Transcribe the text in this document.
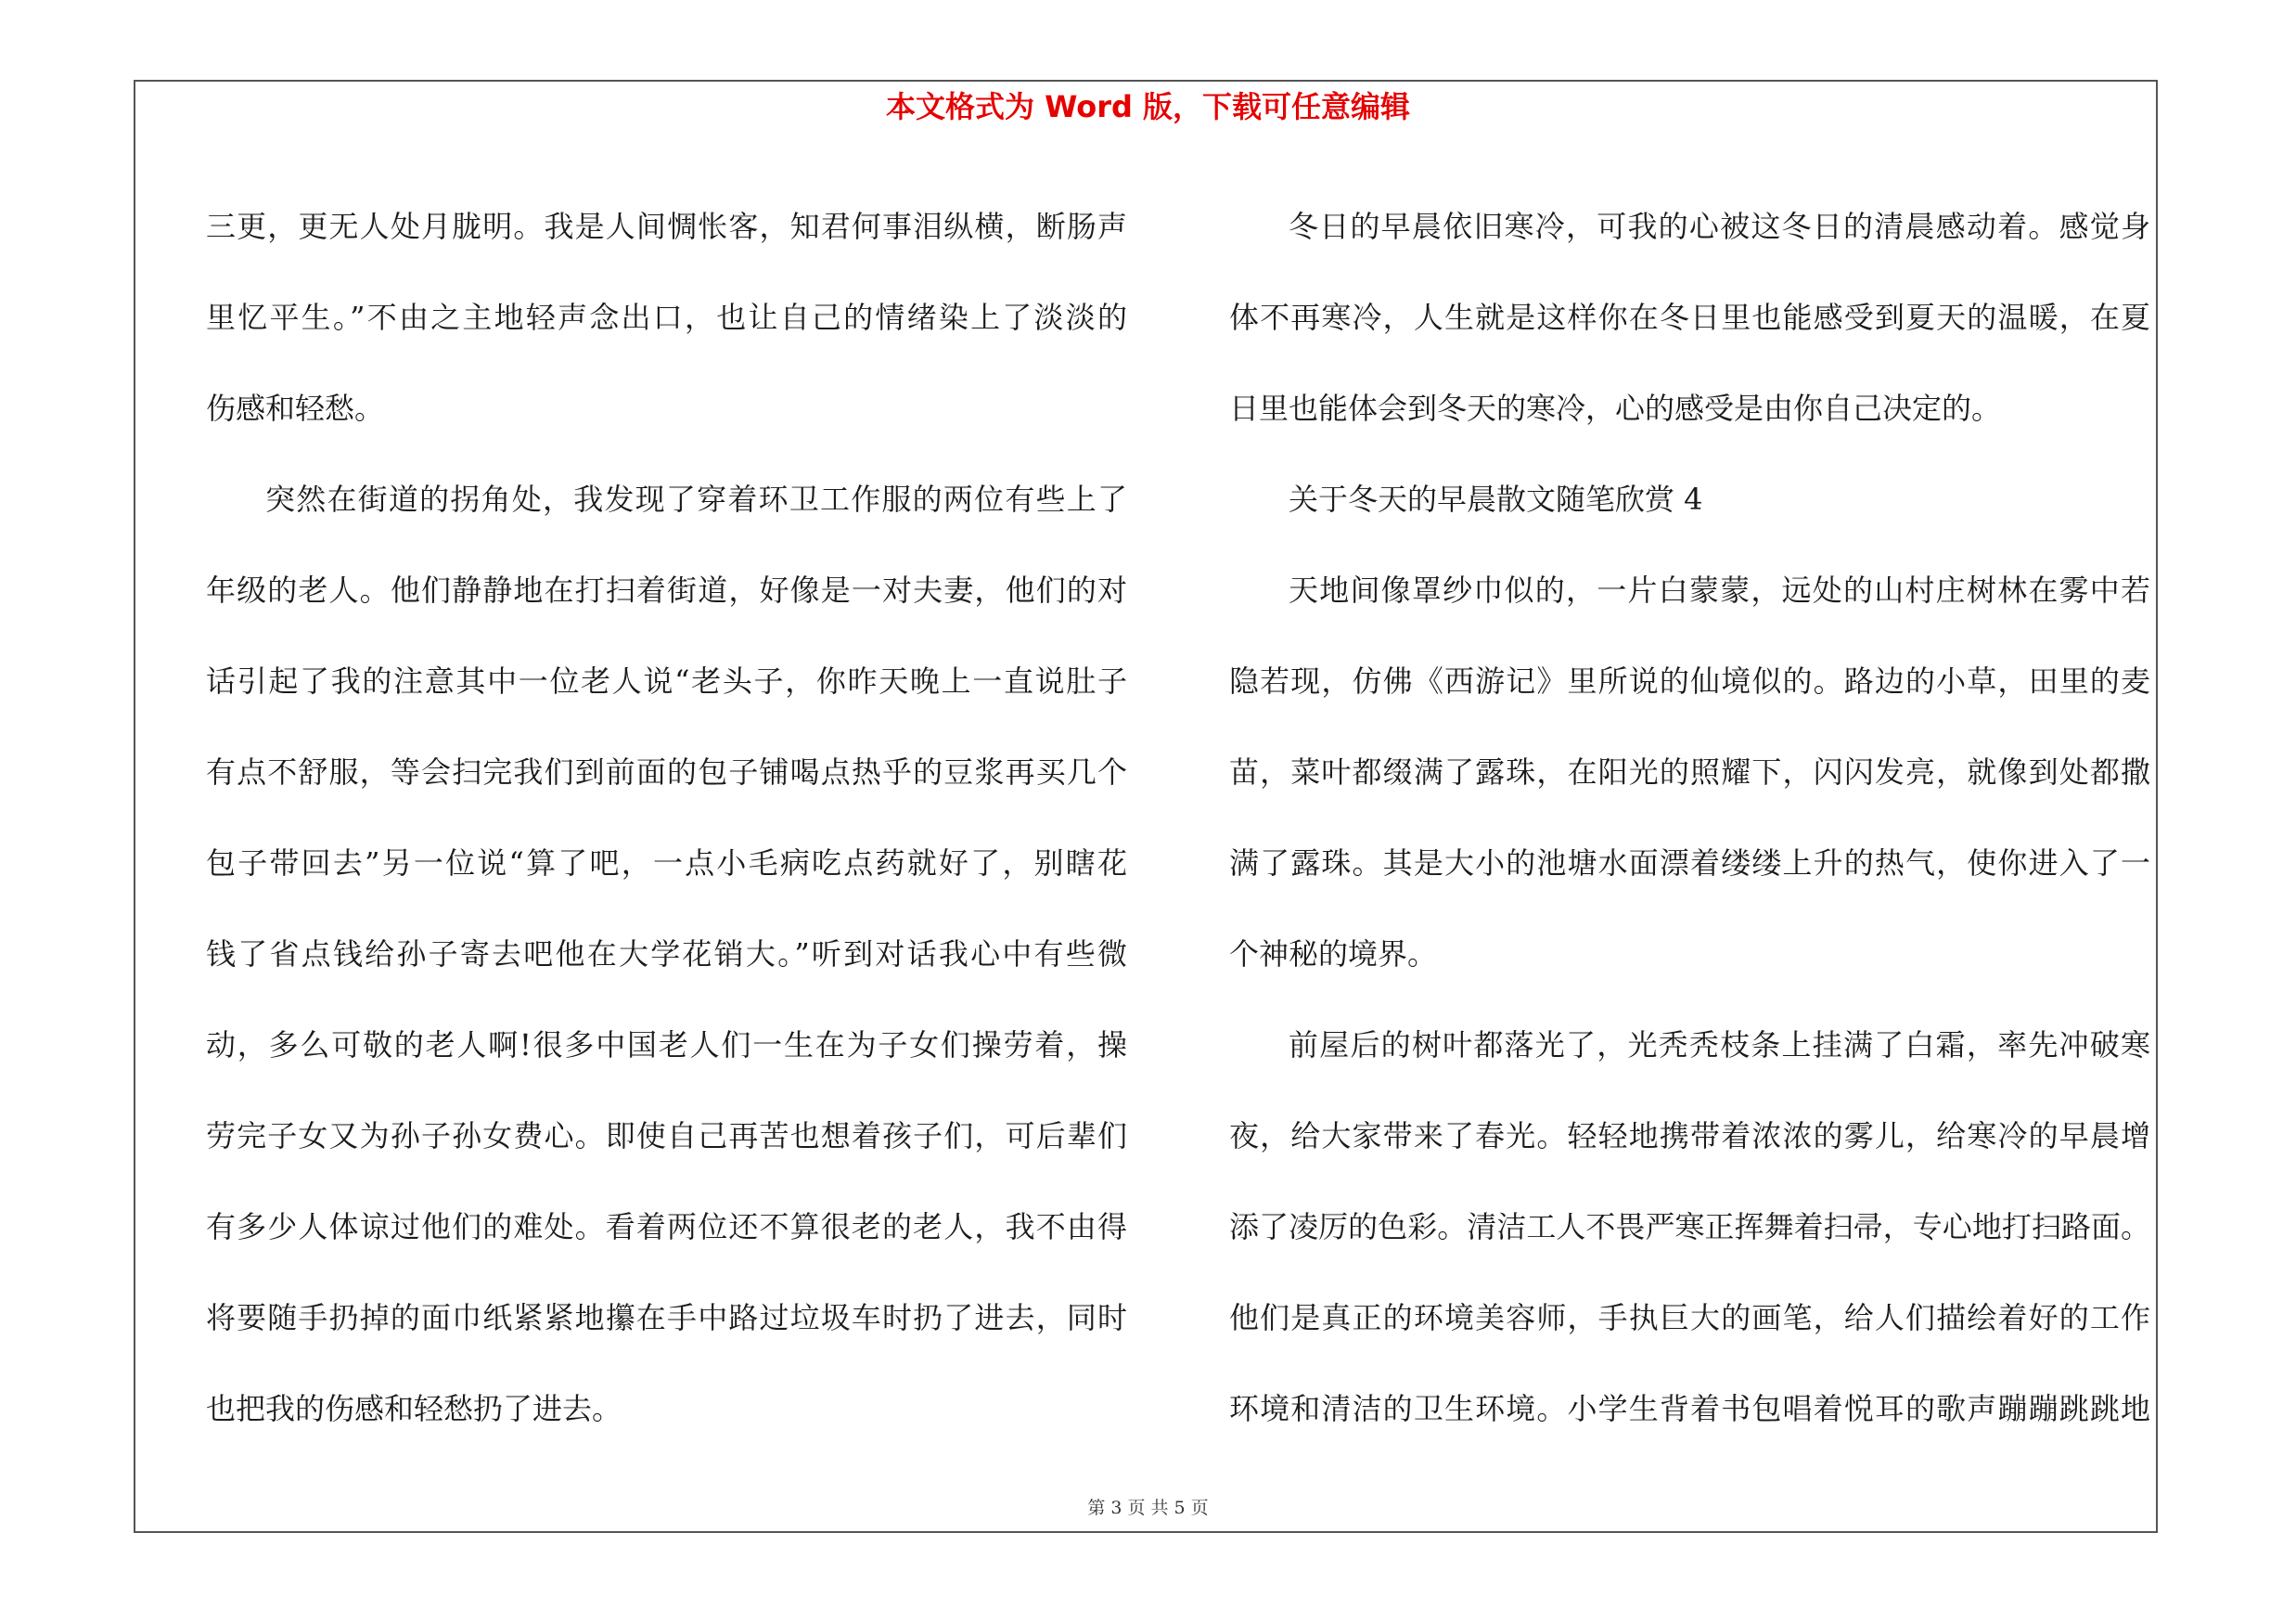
本文格式为 Word 版，下载可任意编辑
三更，更无人处月胧明。我是人间惆怅客，知君何事泪纵横，断肠声
里忆平生。”不由之主地轻声念出口，也让自己的情绪染上了淡淡的
伤感和轻愁。
突然在街道的拐角处，我发现了穿着环卫工作服的两位有些上了
年级的老人。他们静静地在打扫着街道，好像是一对夫妻，他们的对
话引起了我的注意其中一位老人说“老头子，你昨天晚上一直说肚子
有点不舒服，等会扫完我们到前面的包子铺喝点热乎的豆浆再买几个
包子带回去”另一位说“算了吧，一点小毛病吃点药就好了，别瞎花
钱了省点钱给孙子寄去吧他在大学花销大。”听到对话我心中有些微
动，多么可敬的老人啊!很多中国老人们一生在为子女们操劳着，操
劳完子女又为孙子孙女费心。即使自己再苦也想着孩子们，可后辈们
有多少人体谅过他们的难处。看着两位还不算很老的老人，我不由得
将要随手扔掉的面巾纸紧紧地攥在手中路过垃圾车时扔了进去，同时
也把我的伤感和轻愁扔了进去。
冬日的早晨依旧寒冷，可我的心被这冬日的清晨感动着。感觉身
体不再寒冷，人生就是这样你在冬日里也能感受到夏天的温暖，在夏
日里也能体会到冬天的寒冷，心的感受是由你自己决定的。
关于冬天的早晨散文随笔欣赏 4
天地间像罩纱巾似的，一片白蒙蒙，远处的山村庄树林在雾中若
隐若现，仿佛《西游记》里所说的仙境似的。路边的小草，田里的麦
苗，菜叶都缀满了露珠，在阳光的照耀下，闪闪发亮，就像到处都撒
满了露珠。其是大小的池塘水面漂着缕缕上升的热气，使你进入了一
个神秘的境界。
前屋后的树叶都落光了，光秃秃枝条上挂满了白霜，率先冲破寒
夜，给大家带来了春光。轻轻地携带着浓浓的雾儿，给寒冷的早晨增
添了凌厉的色彩。清洁工人不畏严寒正挥舞着扫帚，专心地打扫路面。
他们是真正的环境美容师，手执巨大的画笔，给人们描绘着好的工作
环境和清洁的卫生环境。小学生背着书包唱着悦耳的歌声蹦蹦跳跳地
第 3 页 共 5 页
